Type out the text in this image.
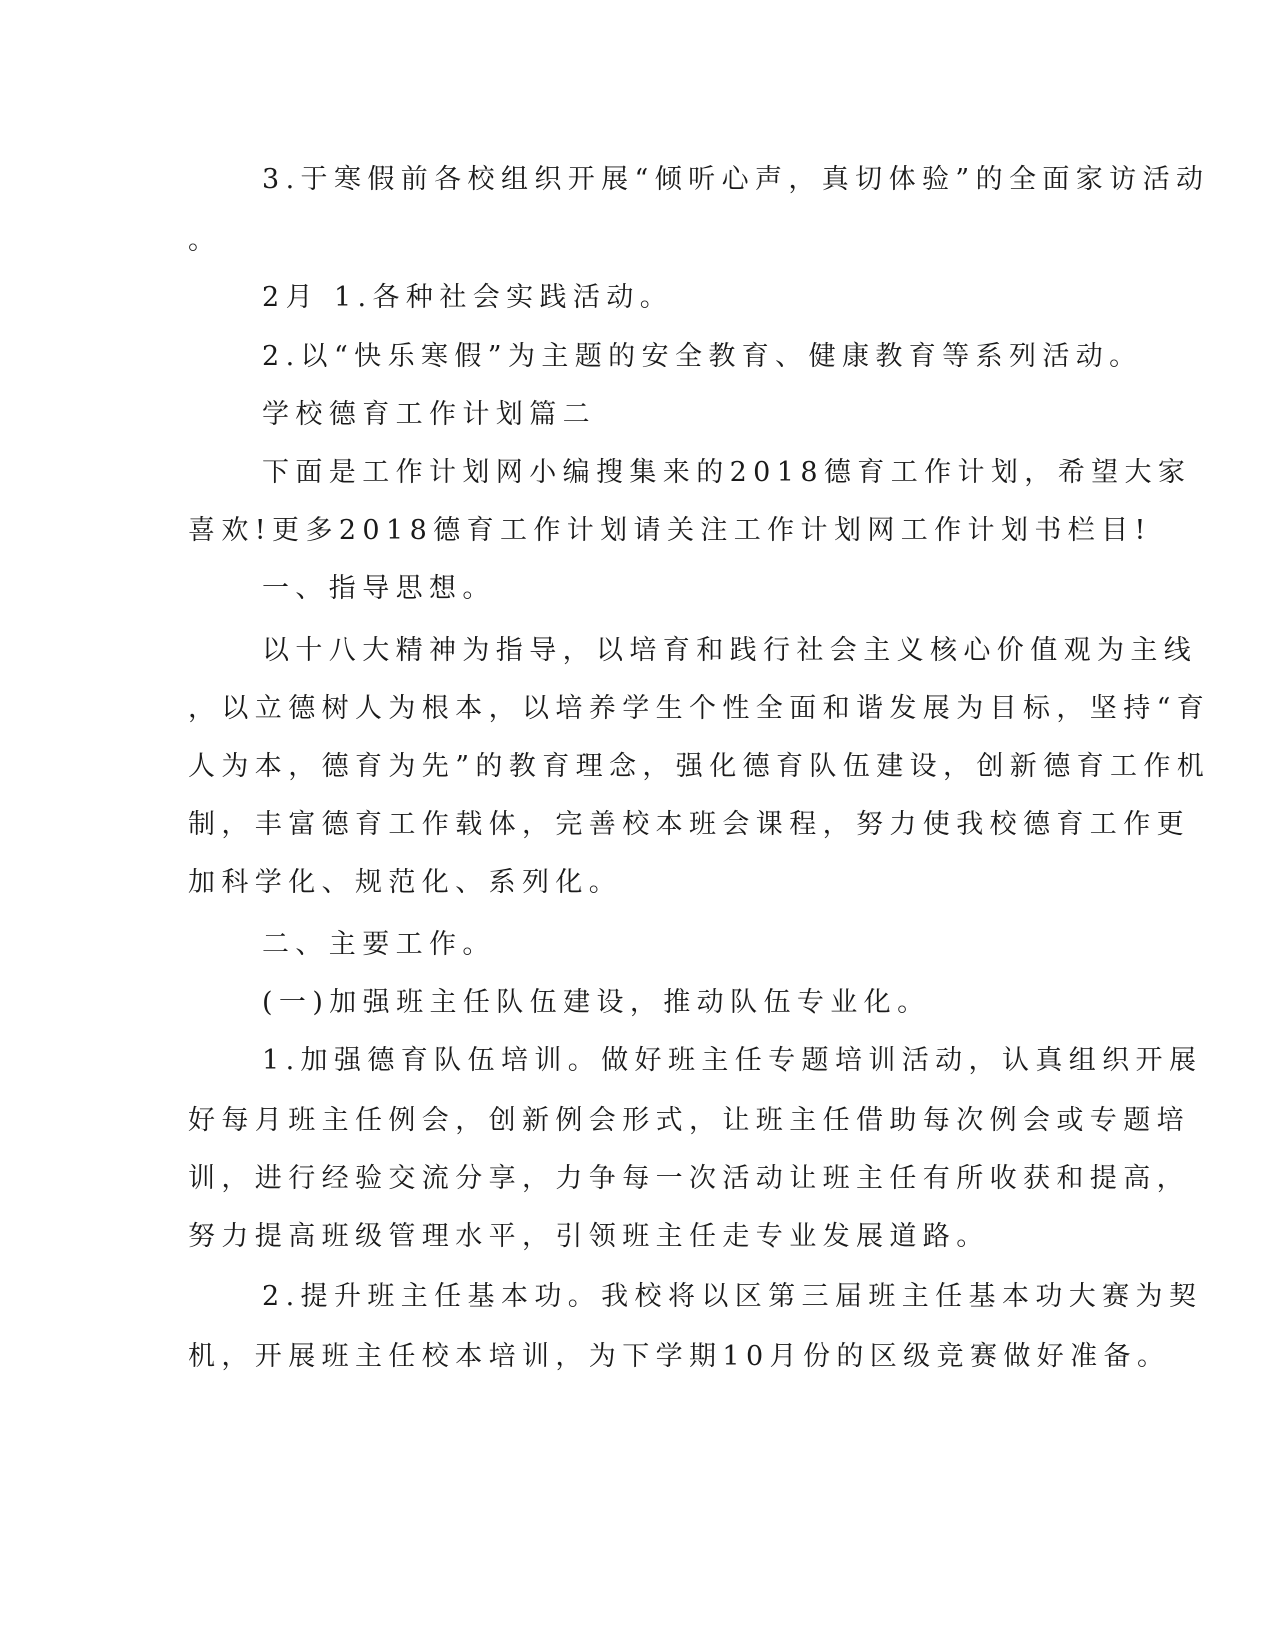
3.于寒假前各校组织开展“倾听心声，真切体验”的全面家访活动
。
2月 1.各种社会实践活动。
2.以“快乐寒假”为主题的安全教育、健康教育等系列活动。
学校德育工作计划篇二
下面是工作计划网小编搜集来的2018德育工作计划，希望大家
喜欢!更多2018德育工作计划请关注工作计划网工作计划书栏目!
一、指导思想。
以十八大精神为指导，以培育和践行社会主义核心价值观为主线
，以立德树人为根本，以培养学生个性全面和谐发展为目标，坚持“育
人为本，德育为先”的教育理念，强化德育队伍建设，创新德育工作机
制，丰富德育工作载体，完善校本班会课程，努力使我校德育工作更
加科学化、规范化、系列化。
二、主要工作。
(一)加强班主任队伍建设，推动队伍专业化。
1.加强德育队伍培训。做好班主任专题培训活动，认真组织开展
好每月班主任例会，创新例会形式，让班主任借助每次例会或专题培
训，进行经验交流分享，力争每一次活动让班主任有所收获和提高，
努力提高班级管理水平，引领班主任走专业发展道路。
2.提升班主任基本功。我校将以区第三届班主任基本功大赛为契
机，开展班主任校本培训，为下学期10月份的区级竞赛做好准备。
